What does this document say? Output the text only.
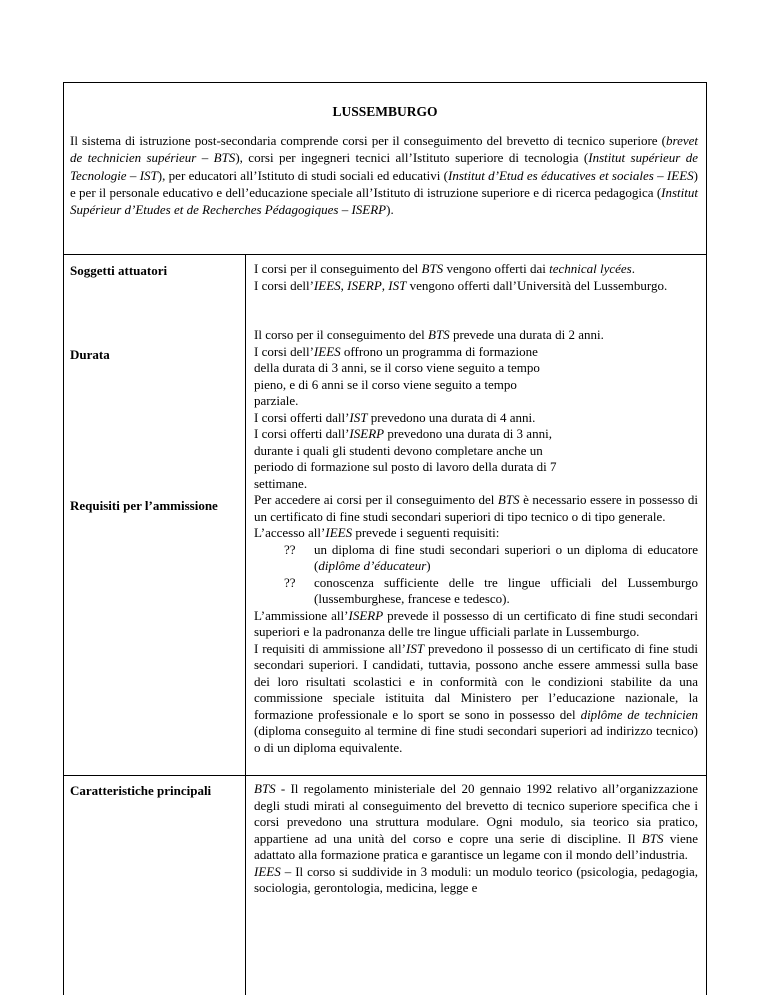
LUSSEMBURGO
Il sistema di istruzione post-secondaria comprende corsi per il conseguimento del brevetto di tecnico superiore (brevet de technicien supérieur – BTS), corsi per ingegneri tecnici all’Istituto superiore di tecnologia (Institut supérieur de Tecnologie – IST), per educatori all’Istituto di studi sociali ed educativi (Institut d’Etud es éducatives et sociales – IEES) e per il personale educativo e dell’educazione speciale all’Istituto di istruzione superiore e di ricerca pedagogica (Institut Supérieur d’Etudes et de Recherches Pédagogiques – ISERP).
Soggetti attuatori
Durata
Requisiti per l’ammissione
Caratteristiche principali

I corsi per il conseguimento del BTS vengono offerti dai technical lycées.

I corsi dell’IEES, ISERP, IST vengono offerti dall’Università del Lussemburgo.

Il corso per il conseguimento del BTS prevede una durata di 2 anni.

I corsi dell’IEES offrono un programma di formazione della durata di 3 anni, se il corso viene seguito a tempo pieno, e di 6 anni se il corso viene seguito a tempo parziale.

I corsi offerti dall’IST prevedono una durata di 4 anni.

I corsi offerti dall’ISERP prevedono una durata di 3 anni, durante i quali gli studenti devono completare anche un periodo di formazione sul posto di lavoro della durata di 7 settimane.

Per accedere ai corsi per il conseguimento del BTS è necessario essere in possesso di un certificato di fine studi secondari superiori di tipo tecnico o di tipo generale.

L’accesso all’IEES prevede i seguenti requisiti:

??	un diploma di fine studi secondari superiori o un diploma di educatore (diplôme d’éducateur)
??	conoscenza sufficiente delle tre lingue ufficiali del Lussemburgo (lussemburghese, francese e tedesco).

L’ammissione all’ISERP prevede il possesso di un certificato di fine studi secondari superiori e la padronanza delle tre lingue ufficiali parlate in Lussemburgo.

I requisiti di ammissione all’IST prevedono il possesso di un certificato di fine studi secondari superiori. I candidati, tuttavia, possono anche essere ammessi sulla base dei loro risultati scolastici e in conformità con le condizioni stabilite da una commissione speciale istituita dal Ministero per l’educazione nazionale, la formazione professionale e lo sport se sono in possesso del diplôme de technicien (diploma conseguito al termine di fine studi secondari superiori ad indirizzo tecnico) o di un diploma equivalente.

BTS - Il regolamento ministeriale del 20 gennaio 1992 relativo all’organizzazione degli studi mirati al conseguimento del brevetto di tecnico superiore specifica che i corsi prevedono una struttura modulare. Ogni modulo, sia teorico sia pratico, appartiene ad una unità del corso e copre una serie di discipline. Il BTS viene adattato alla formazione pratica e garantisce un legame con il mondo dell’industria.

IEES – Il corso si suddivide in 3 moduli: un modulo teorico (psicologia, pedagogia, sociologia, gerontologia, medicina, legge e
